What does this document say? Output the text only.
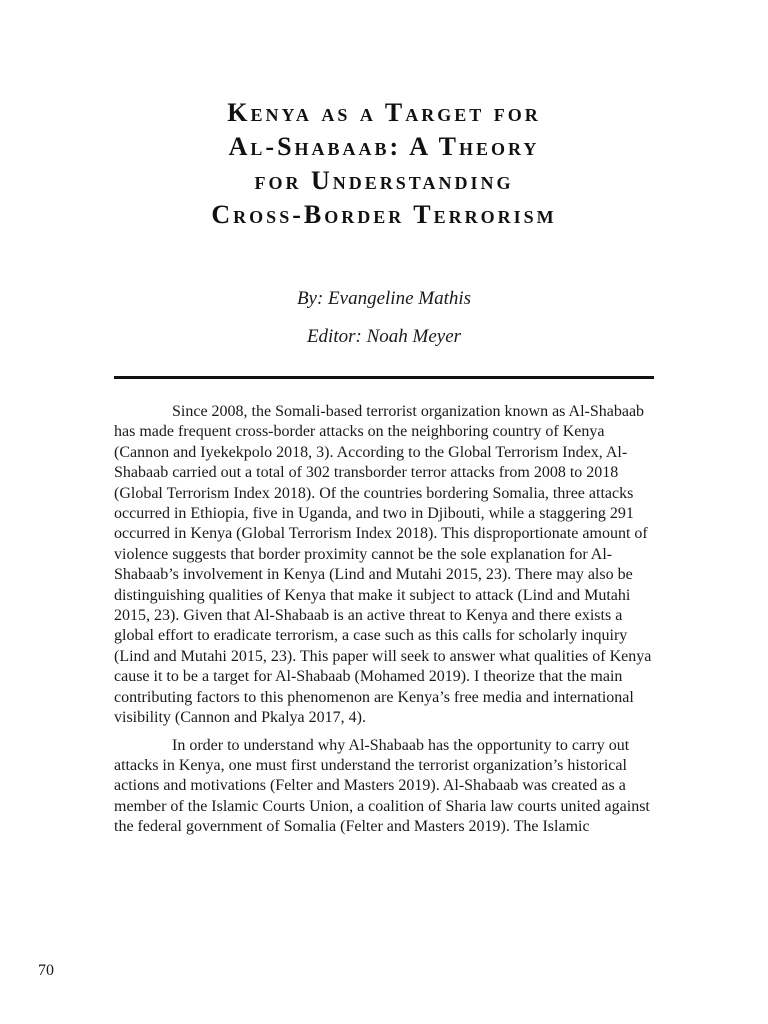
Kenya as a Target for
Al-Shabaab: A Theory
for Understanding
Cross-Border Terrorism
By: Evangeline Mathis
Editor: Noah Meyer

Since 2008, the Somali-based terrorist organization known as Al-Shabaab has made frequent cross-border attacks on the neighboring country of Kenya (Cannon and Iyekekpolo 2018, 3). According to the Global Terrorism Index, Al-Shabaab carried out a total of 302 transborder terror attacks from 2008 to 2018 (Global Terrorism Index 2018). Of the countries bordering Somalia, three attacks occurred in Ethiopia, five in Uganda, and two in Djibouti, while a staggering 291 occurred in Kenya (Global Terrorism Index 2018). This disproportionate amount of violence suggests that border proximity cannot be the sole explanation for Al-Shabaab’s involvement in Kenya (Lind and Mutahi 2015, 23). There may also be distinguishing qualities of Kenya that make it subject to attack (Lind and Mutahi 2015, 23). Given that Al-Shabaab is an active threat to Kenya and there exists a global effort to eradicate terrorism, a case such as this calls for scholarly inquiry (Lind and Mutahi 2015, 23). This paper will seek to answer what qualities of Kenya cause it to be a target for Al-Shabaab (Mohamed 2019). I theorize that the main contributing factors to this phenomenon are Kenya’s free media and international visibility (Cannon and Pkalya 2017, 4).

In order to understand why Al-Shabaab has the opportunity to carry out attacks in Kenya, one must first understand the terrorist organization’s historical actions and motivations (Felter and Masters 2019). Al-Shabaab was created as a member of the Islamic Courts Union, a coalition of Sharia law courts united against the federal government of Somalia (Felter and Masters 2019). The Islamic

70
